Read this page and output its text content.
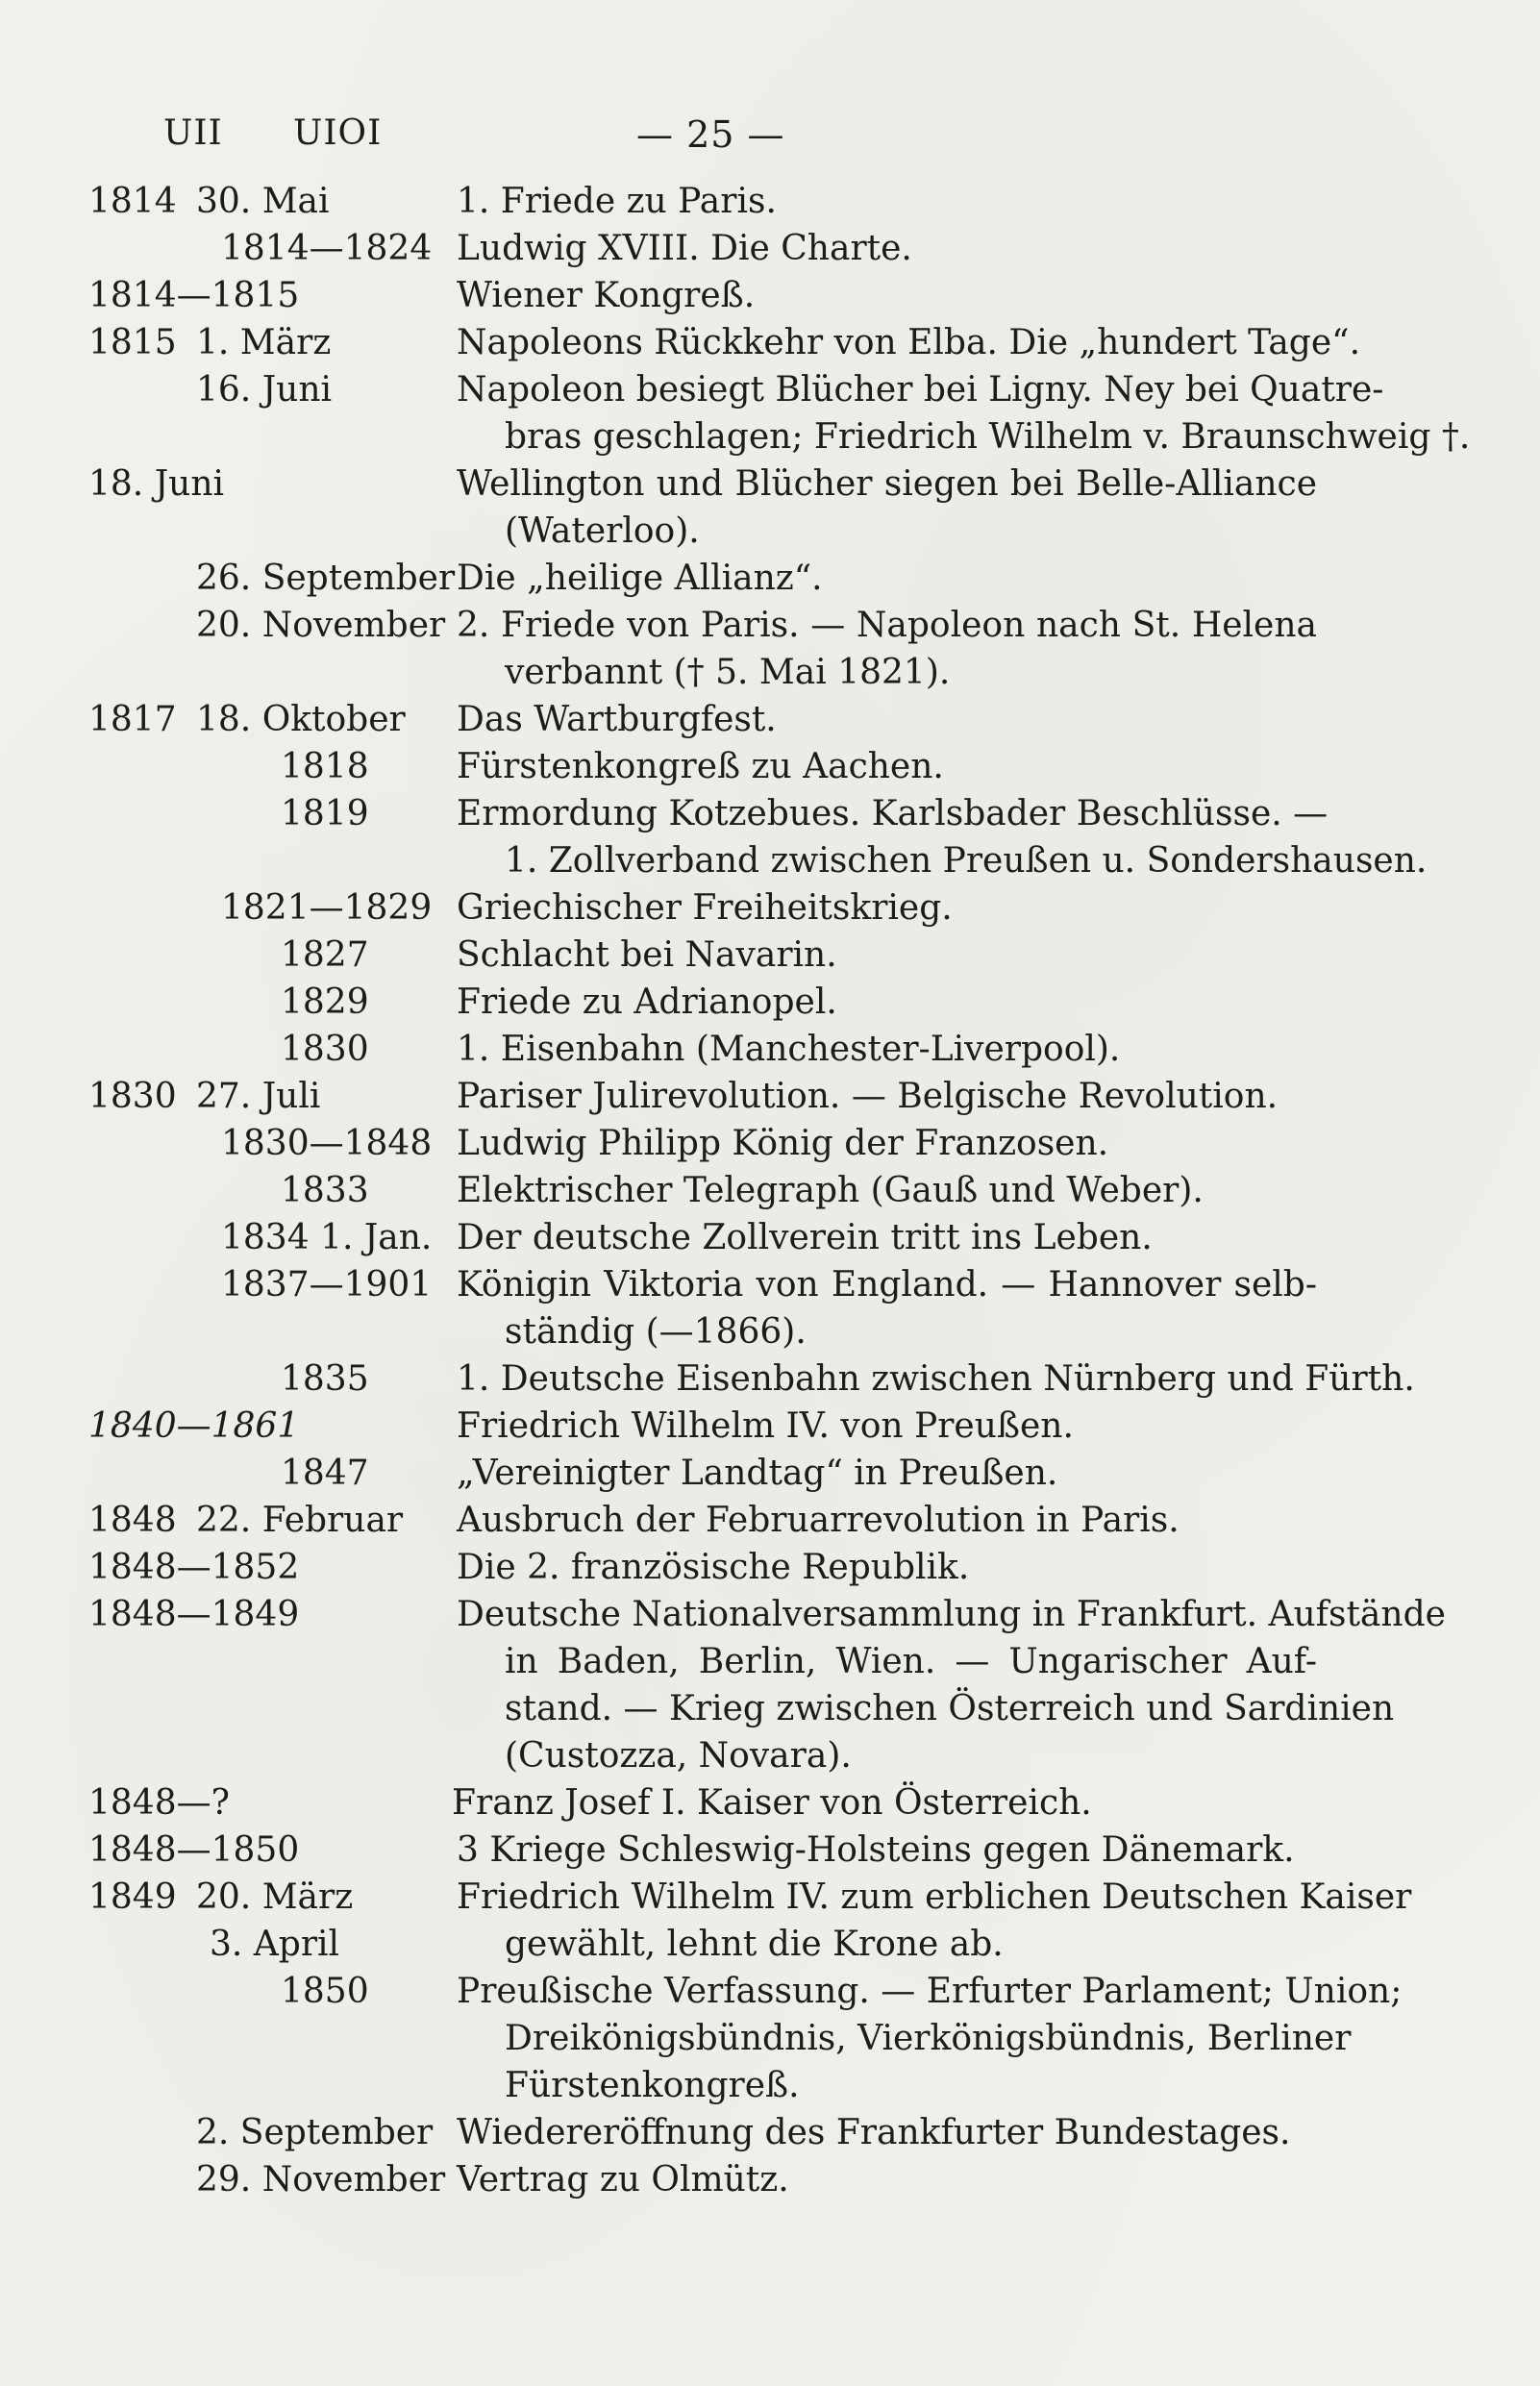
UII UIOI	— 25 —
1814 30. Mai	1. Friede zu Paris.
1814—1824 Ludwig XVIII. Die Charte.
1814—1815	Wiener Kongreß.
1815 1. März	Napoleons Rückkehr von Elba. Die „hundert Tage“.
16. Juni	Napoleon besiegt Blücher bei Ligny. Ney bei Quatre-
bras geschlagen; Friedrich Wilhelm v. Braunschweig †.
18. Juni	Wellington und Blücher siegen bei Belle-Alliance
(Waterloo).
26. September Die „heilige Allianz“.
20. November 2. Friede von Paris. — Napoleon nach St. Helena
verbannt († 5. Mai 1821).
1817 18. Oktober Das Wartburgfest.
1818	Fürstenkongreß zu Aachen.
1819	Ermordung Kotzebues. Karlsbader Beschlüsse. —
1. Zollverband zwischen Preußen u. Sondershausen.
1821—1829 Griechischer Freiheitskrieg.
1827	Schlacht bei Navarin.
1829	Friede zu Adrianopel.
1830	1. Eisenbahn (Manchester-Liverpool).
1830 27. Juli	Pariser Julirevolution. — Belgische Revolution.
1830—1848 Ludwig Philipp König der Franzosen.
1833	Elektrischer Telegraph (Gauß und Weber).
1834 1. Jan. Der deutsche Zollverein tritt ins Leben.
1837—1901 Königin Viktoria von England. — Hannover selb-
ständig (—1866).
1835	1. Deutsche Eisenbahn zwischen Nürnberg und Fürth.
1840—1861	Friedrich Wilhelm IV. von Preußen.
1847	„Vereinigter Landtag“ in Preußen.
1848 22. Februar Ausbruch der Februarrevolution in Paris.
1848—1852	Die 2. französische Republik.
1848—1849	Deutsche Nationalversammlung in Frankfurt. Aufstände
in Baden, Berlin, Wien. — Ungarischer Auf-
stand. — Krieg zwischen Österreich und Sardinien
(Custozza, Novara).
1848—?	Franz Josef I. Kaiser von Österreich.
1848—1850	3 Kriege Schleswig-Holsteins gegen Dänemark.
1849 20. März	Friedrich Wilhelm IV. zum erblichen Deutschen Kaiser
3. April	gewählt, lehnt die Krone ab.
1850	Preußische Verfassung. — Erfurter Parlament; Union;
Dreikönigsbündnis, Vierkönigsbündnis, Berliner
Fürstenkongreß.
2. September Wiedereröffnung des Frankfurter Bundestages.
29. November Vertrag zu Olmütz.
